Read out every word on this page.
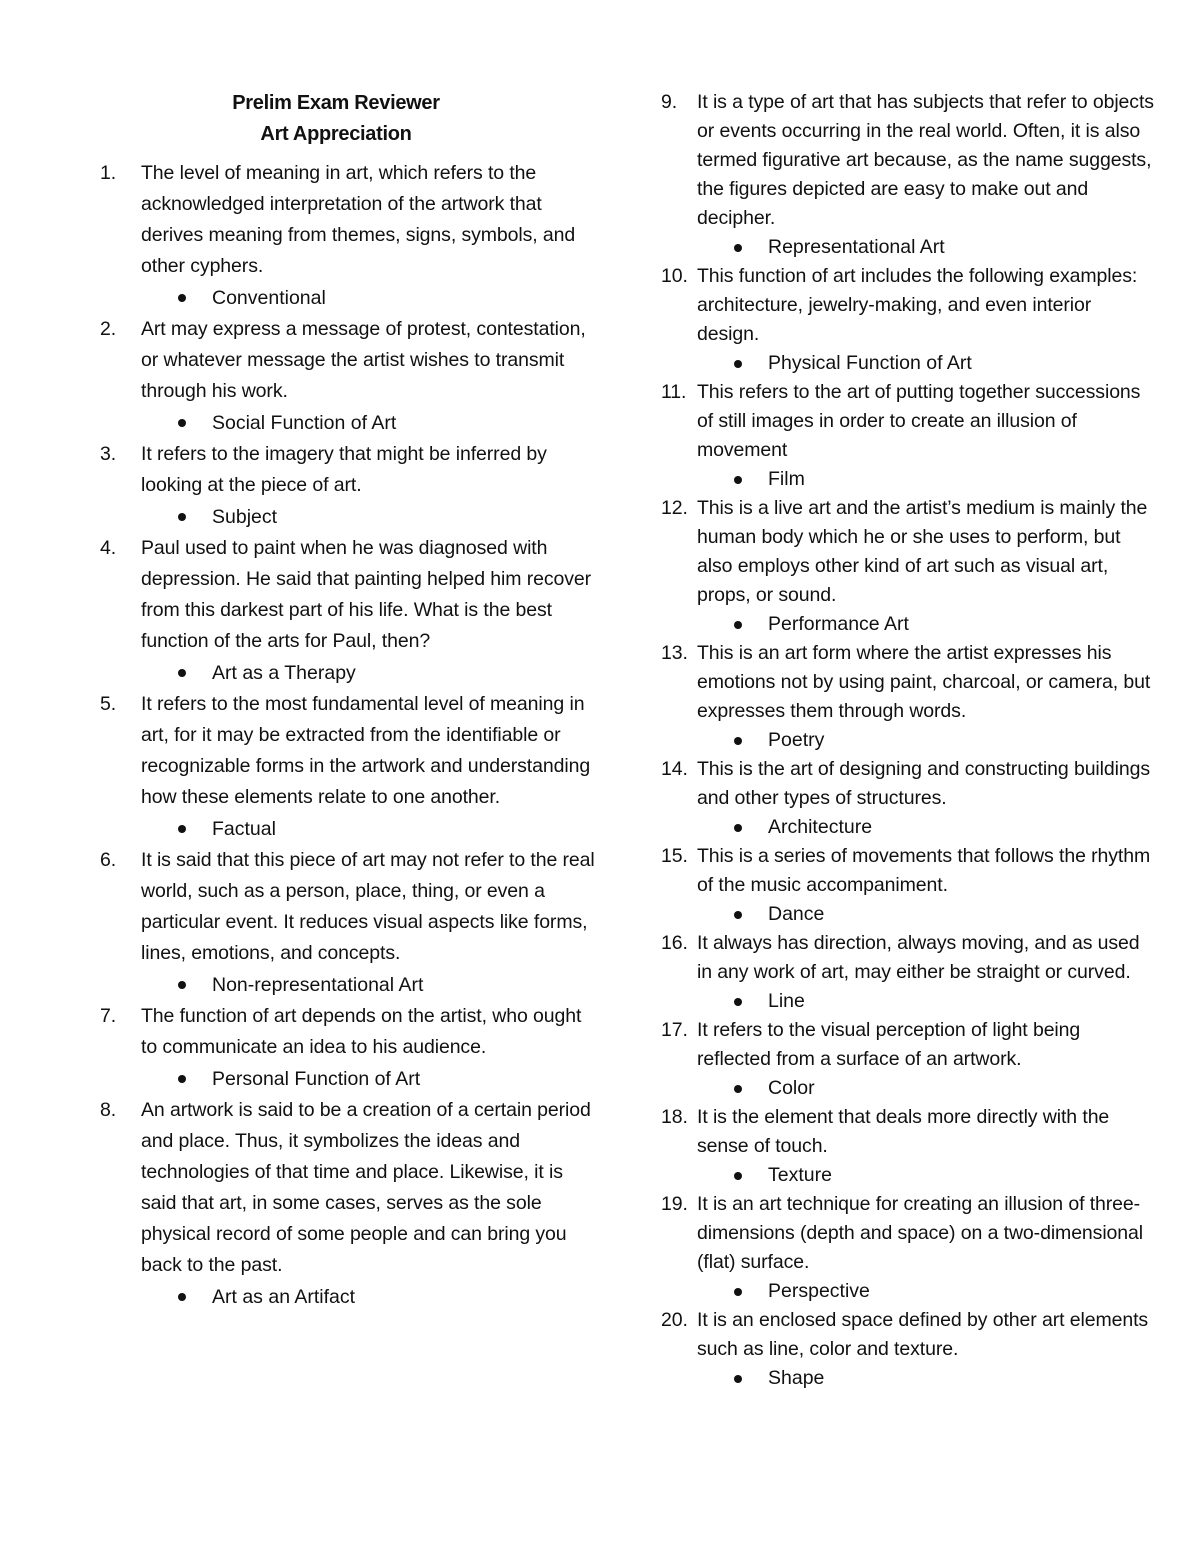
Prelim Exam Reviewer
Art Appreciation
1. The level of meaning in art, which refers to the acknowledged interpretation of the artwork that derives meaning from themes, signs, symbols, and other cyphers.
Conventional
2. Art may express a message of protest, contestation, or whatever message the artist wishes to transmit through his work.
Social Function of Art
3. It refers to the imagery that might be inferred by looking at the piece of art.
Subject
4. Paul used to paint when he was diagnosed with depression. He said that painting helped him recover from this darkest part of his life. What is the best function of the arts for Paul, then?
Art as a Therapy
5. It refers to the most fundamental level of meaning in art, for it may be extracted from the identifiable or recognizable forms in the artwork and understanding how these elements relate to one another.
Factual
6. It is said that this piece of art may not refer to the real world, such as a person, place, thing, or even a particular event. It reduces visual aspects like forms, lines, emotions, and concepts.
Non-representational Art
7. The function of art depends on the artist, who ought to communicate an idea to his audience.
Personal Function of Art
8. An artwork is said to be a creation of a certain period and place. Thus, it symbolizes the ideas and technologies of that time and place. Likewise, it is said that art, in some cases, serves as the sole physical record of some people and can bring you back to the past.
Art as an Artifact
9. It is a type of art that has subjects that refer to objects or events occurring in the real world. Often, it is also termed figurative art because, as the name suggests, the figures depicted are easy to make out and decipher.
Representational Art
10. This function of art includes the following examples: architecture, jewelry-making, and even interior design.
Physical Function of Art
11. This refers to the art of putting together successions of still images in order to create an illusion of movement
Film
12. This is a live art and the artist’s medium is mainly the human body which he or she uses to perform, but also employs other kind of art such as visual art, props, or sound.
Performance Art
13. This is an art form where the artist expresses his emotions not by using paint, charcoal, or camera, but expresses them through words.
Poetry
14. This is the art of designing and constructing buildings and other types of structures.
Architecture
15. This is a series of movements that follows the rhythm of the music accompaniment.
Dance
16. It always has direction, always moving, and as used in any work of art, may either be straight or curved.
Line
17. It refers to the visual perception of light being reflected from a surface of an artwork.
Color
18. It is the element that deals more directly with the sense of touch.
Texture
19. It is an art technique for creating an illusion of three-dimensions (depth and space) on a two-dimensional (flat) surface.
Perspective
20. It is an enclosed space defined by other art elements such as line, color and texture.
Shape
